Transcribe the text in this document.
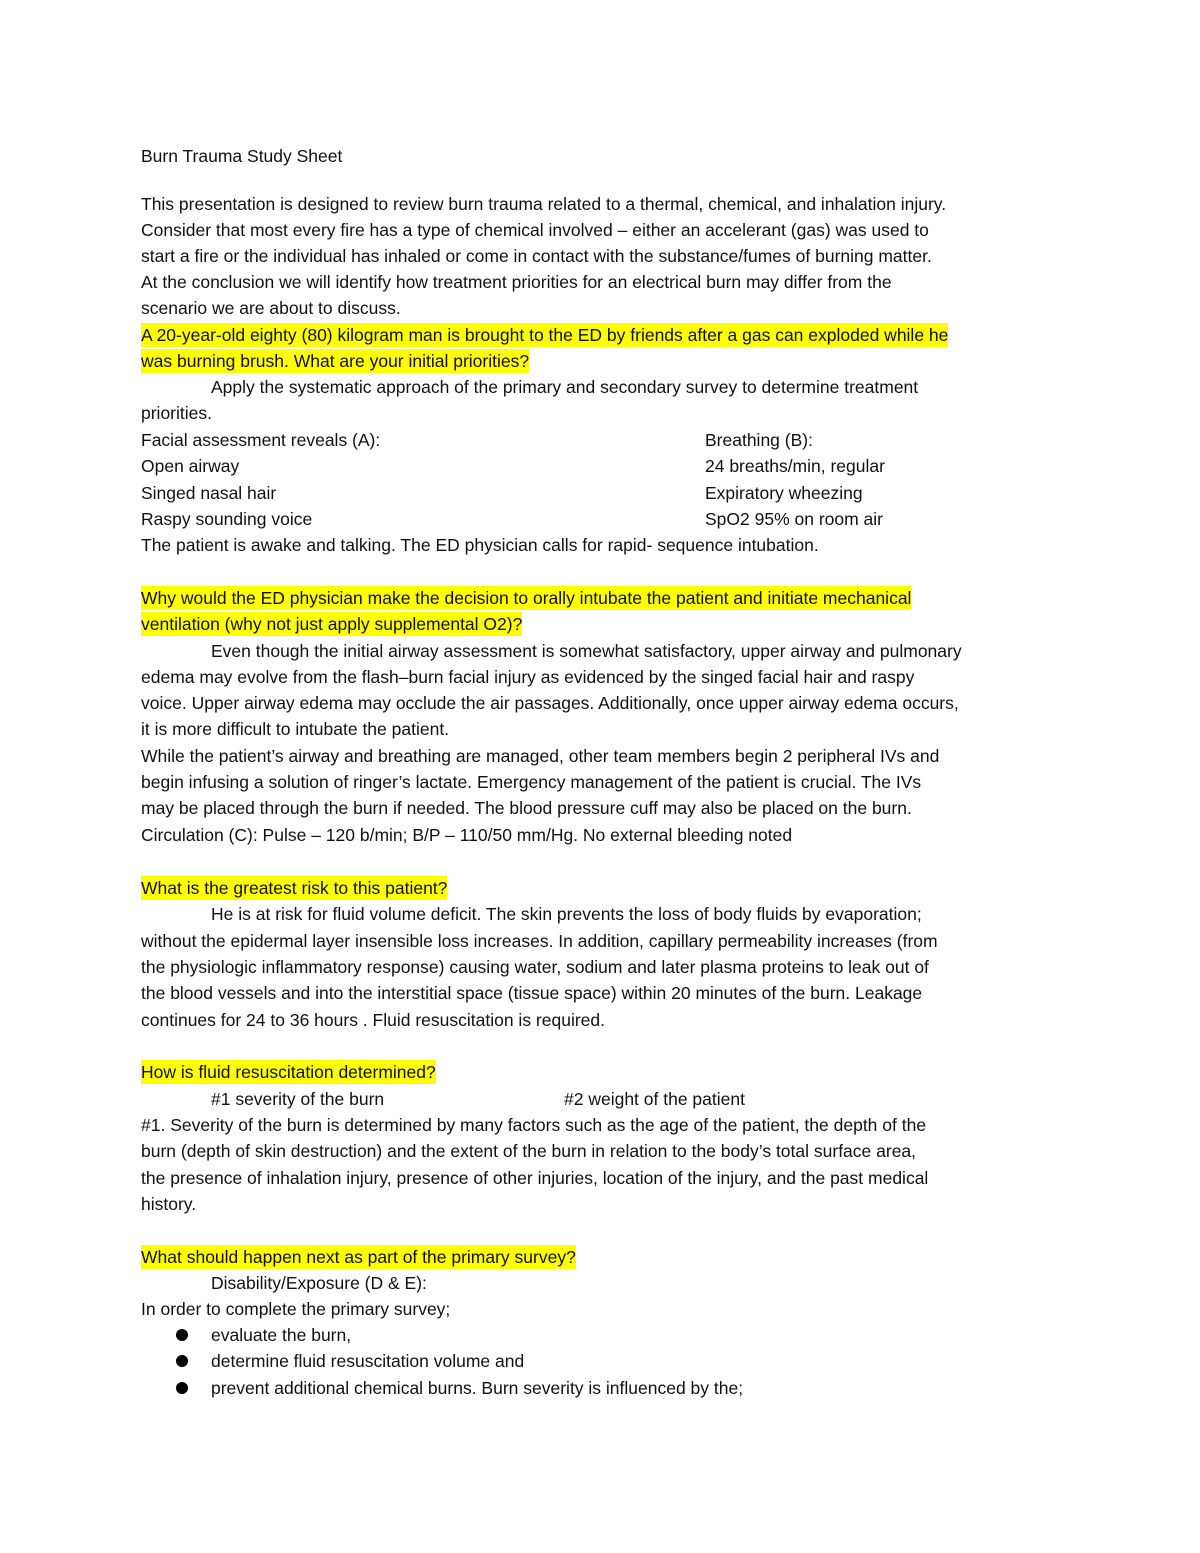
Burn Trauma Study Sheet
This presentation is designed to review burn trauma related to a thermal, chemical, and inhalation injury.
Consider that most every fire has a type of chemical involved – either an accelerant (gas) was used to
start a fire or the individual has inhaled or come in contact with the substance/fumes of burning matter.
At the conclusion we will identify how treatment priorities for an electrical burn may differ from the
scenario we are about to discuss.
A 20-year-old eighty (80) kilogram man is brought to the ED by friends after a gas can exploded while he
was burning brush. What are your initial priorities?
Apply the systematic approach of the primary and secondary survey to determine treatment
priorities.
Facial assessment reveals (A):	Breathing (B):
Open airway	24 breaths/min, regular
Singed nasal hair	Expiratory wheezing
Raspy sounding voice	SpO2 95% on room air
The patient is awake and talking. The ED physician calls for rapid- sequence intubation.
Why would the ED physician make the decision to orally intubate the patient and initiate mechanical
ventilation (why not just apply supplemental O2)?
Even though the initial airway assessment is somewhat satisfactory, upper airway and pulmonary
edema may evolve from the flash–burn facial injury as evidenced by the singed facial hair and raspy
voice. Upper airway edema may occlude the air passages. Additionally, once upper airway edema occurs,
it is more difficult to intubate the patient.
While the patient’s airway and breathing are managed, other team members begin 2 peripheral IVs and
begin infusing a solution of ringer’s lactate. Emergency management of the patient is crucial. The IVs
may be placed through the burn if needed. The blood pressure cuff may also be placed on the burn.
Circulation (C): Pulse – 120 b/min; B/P – 110/50 mm/Hg. No external bleeding noted
What is the greatest risk to this patient?
He is at risk for fluid volume deficit. The skin prevents the loss of body fluids by evaporation;
without the epidermal layer insensible loss increases. In addition, capillary permeability increases (from
the physiologic inflammatory response) causing water, sodium and later plasma proteins to leak out of
the blood vessels and into the interstitial space (tissue space) within 20 minutes of the burn. Leakage
continues for 24 to 36 hours . Fluid resuscitation is required.
How is fluid resuscitation determined?
#1 severity of the burn	#2 weight of the patient
#1. Severity of the burn is determined by many factors such as the age of the patient, the depth of the
burn (depth of skin destruction) and the extent of the burn in relation to the body’s total surface area,
the presence of inhalation injury, presence of other injuries, location of the injury, and the past medical
history.
What should happen next as part of the primary survey?
Disability/Exposure (D & E):
In order to complete the primary survey;
evaluate the burn,
determine fluid resuscitation volume and
prevent additional chemical burns. Burn severity is influenced by the;
